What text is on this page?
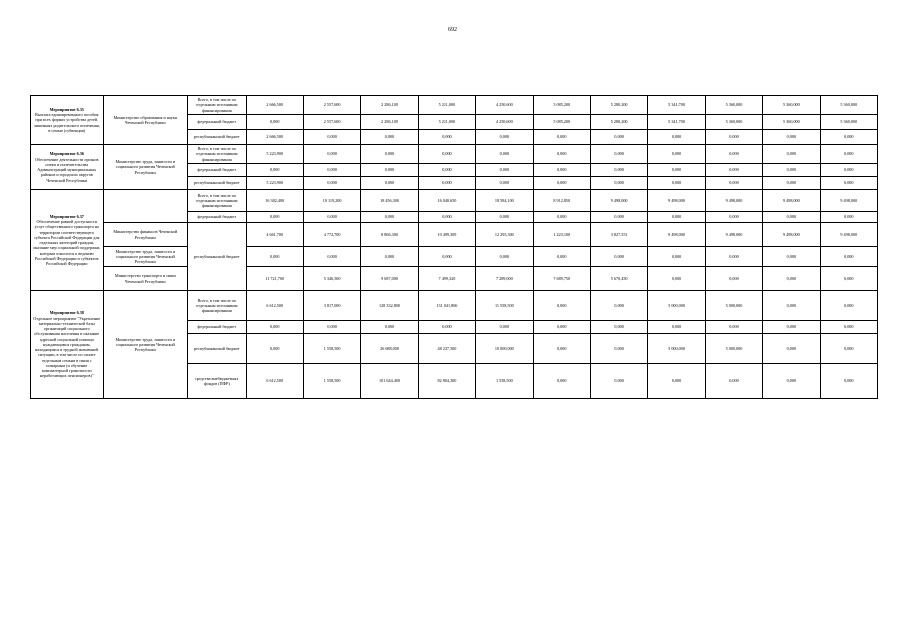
692
Мероприятие 6.35
Выплата единовременного пособия при всех формах устройства детей, лишенных родительского попечения, в семью (субвенция)	Министерство образования и науки Чеченской Республики	Всего, в том числе по отдельным источникам финансирования	2 666,500	2 557,600	2 286,100	5 211,000	4 250,600	5 085,200	5 280,200	5 341,700	5 360,000	5 360,000	5 360,000
		федеральный бюджет	0,000	2 557,600	2 286,100	5 211,000	4 250,600	5 085,200	5 280,200	5 341,700	5 360,000	5 360,000	5 360,000
		республиканский бюджет	2 666,500	0,000	0,000	0,000	0,000	0,000	0,000	0,000	0,000	0,000	0,000

Мероприятие 6.36
Обеспечение деятельности органов опеки и попечительства Администраций муниципальных районов и городских округов Чеченской Республики	Министерство труда, занятости и социального развития Чеченской Республики	Всего, в том числе по отдельным источникам финансирования	5 223,900	0,000	0,000	0,000	0,000	0,000	0,000	0,000	0,000	0,000	0,000
		федеральный бюджет	0,000	0,000	0,000	0,000	0,000	0,000	0,000	0,000	0,000	0,000	0,000
		республиканский бюджет	5 223,900	0,000	0,000	0,000	0,000	0,000	0,000	0,000	0,000	0,000	0,000

Мероприятие 6.37
Обеспечение равной доступности услуг общественного транспорта на территории соответствующего субъекта Российской Федерации для отдельных категорий граждан, оказание мер социальной поддержки, которым относится к ведению Российской Федерации и субъектов Российской Федерации		Всего, в том числе по отдельным источникам финансирования	16 382,400	10 119,200	18 456,300	16 040,650	18 584,100	8 912,850	9 498,000	9 498,000	9 498,000	9 498,000	9 498,000
		федеральный бюджет	0,000	0,000	0,000	0,000	0,000	0,000	0,000	0,000	0,000	0,000	0,000
	Министерство финансов Чеченской Республики	республиканский бюджет	4 661,700	4 772,700	8 866,300	10 499,309	12 295,300	1 223,100	3 827,551	9 498,000	9 498,000	9 498,000	9 498,000
	Министерство труда, занятости и социального развития Чеченской Республики		0,000	0,000	0,000	0,000	0,000	0,000	0,000	0,000	0,000	0,000	0,000
	Министерство транспорта и связи Чеченской Республики		11 721,700	5 346,500	9 687,000	7 499,320	7 289,000	7 689,750	5 670,450	0,000	0,000	0,000	0,000

Мероприятие 6.38
Отдельное мероприятие "Укрепление материально-технической базы организаций социального обслуживания населения и оказание адресной социальной помощи нуждающимся гражданам, находящимся в трудной жизненной ситуации, в том числе по оплате отдельным семьям в связи с пожарным (и обучение компьютерной грамотности неработающих пенсионеров)"	Министерство труда, занятости и социального развития Чеченской Республики	Всего, в том числе по отдельным источникам финансирования	6 612,500	3 817,000	128 332,800	131 041,806	11 558,500	0,000	0,000	5 000,000	5 000,000	0,000	0,000
		федеральный бюджет	0,000	0,000	0,000	0,000	0,000	0,000	0,000	0,000	0,000	0,000	0,000
		республиканский бюджет	0,000	1 558,500	26 688,000	48 237,500	10 000,000	0,000	0,000	5 000,000	5 000,000	0,000	0,000
		средства внебюджетных фондов (ПФР)	6 612,500	1 558,500	101 644,400	82 804,300	1 558,500	0,000	0,000	0,000	0,000	0,000	0,000
